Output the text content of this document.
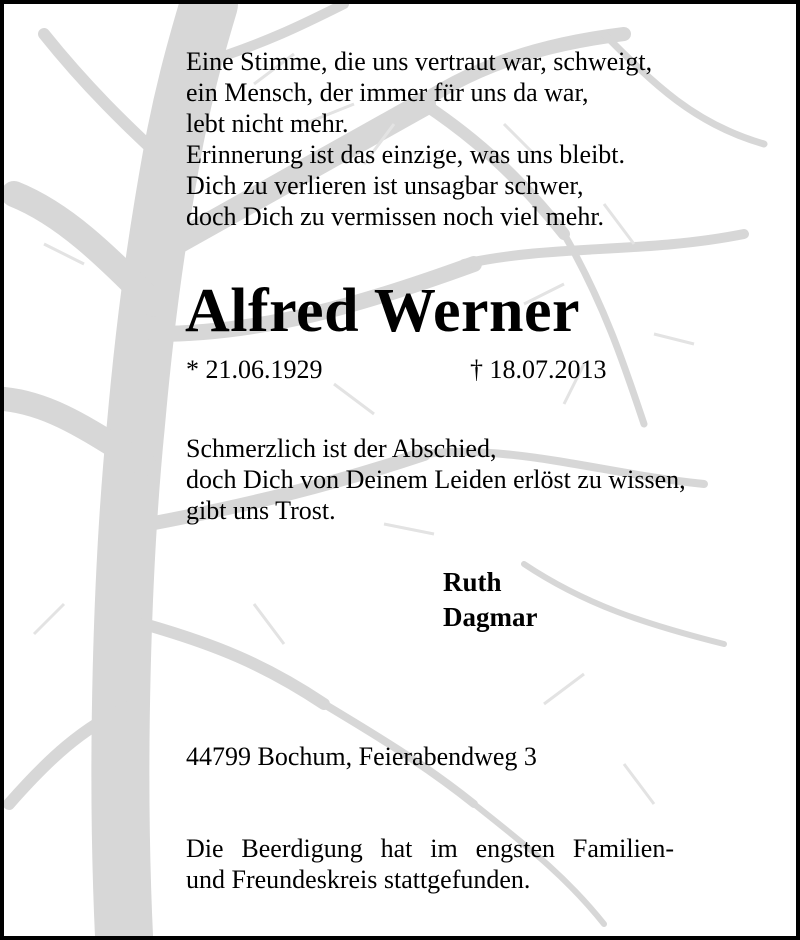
Eine Stimme, die uns vertraut war, schweigt,
ein Mensch, der immer für uns da war,
lebt nicht mehr.
Erinnerung ist das einzige, was uns bleibt.
Dich zu verlieren ist unsagbar schwer,
doch Dich zu vermissen noch viel mehr.
Alfred Werner
* 21.06.1929	† 18.07.2013
Schmerzlich ist der Abschied,
doch Dich von Deinem Leiden erlöst zu wissen,
gibt uns Trost.
Ruth
Dagmar
44799 Bochum, Feierabendweg 3
Die Beerdigung hat im engsten Familien-
und Freundeskreis stattgefunden.
